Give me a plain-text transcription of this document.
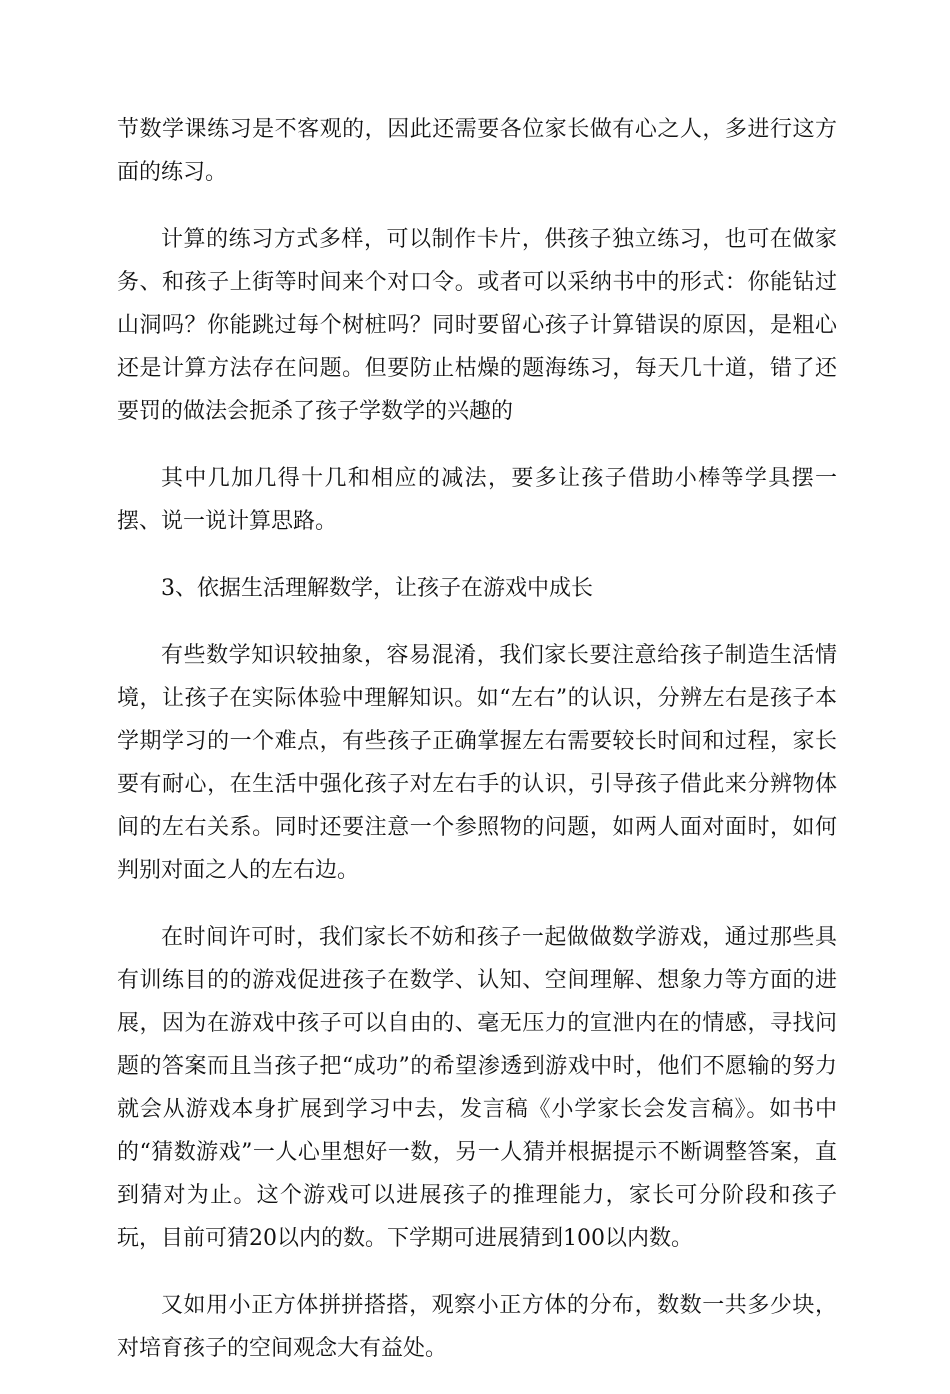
节数学课练习是不客观的，因此还需要各位家长做有心之人，多进行这方面的练习。

计算的练习方式多样，可以制作卡片，供孩子独立练习，也可在做家务、和孩子上街等时间来个对口令。或者可以采纳书中的形式：你能钻过山洞吗？你能跳过每个树桩吗？同时要留心孩子计算错误的原因，是粗心还是计算方法存在问题。但要防止枯燥的题海练习，每天几十道，错了还要罚的做法会扼杀了孩子学数学的兴趣的

其中几加几得十几和相应的减法，要多让孩子借助小棒等学具摆一摆、说一说计算思路。

3、依据生活理解数学，让孩子在游戏中成长

有些数学知识较抽象，容易混淆，我们家长要注意给孩子制造生活情境，让孩子在实际体验中理解知识。如“左右”的认识，分辨左右是孩子本学期学习的一个难点，有些孩子正确掌握左右需要较长时间和过程，家长要有耐心，在生活中强化孩子对左右手的认识，引导孩子借此来分辨物体间的左右关系。同时还要注意一个参照物的问题，如两人面对面时，如何判别对面之人的左右边。

在时间许可时，我们家长不妨和孩子一起做做数学游戏，通过那些具有训练目的的游戏促进孩子在数学、认知、空间理解、想象力等方面的进展，因为在游戏中孩子可以自由的、毫无压力的宣泄内在的情感，寻找问题的答案而且当孩子把“成功”的希望渗透到游戏中时，他们不愿输的努力就会从游戏本身扩展到学习中去，发言稿《小学家长会发言稿》。如书中的“猜数游戏”一人心里想好一数，另一人猜并根据提示不断调整答案，直到猜对为止。这个游戏可以进展孩子的推理能力，家长可分阶段和孩子玩，目前可猜20以内的数。下学期可进展猜到100以内数。

又如用小正方体拼拼搭搭，观察小正方体的分布，数数一共多少块，对培育孩子的空间观念大有益处。
